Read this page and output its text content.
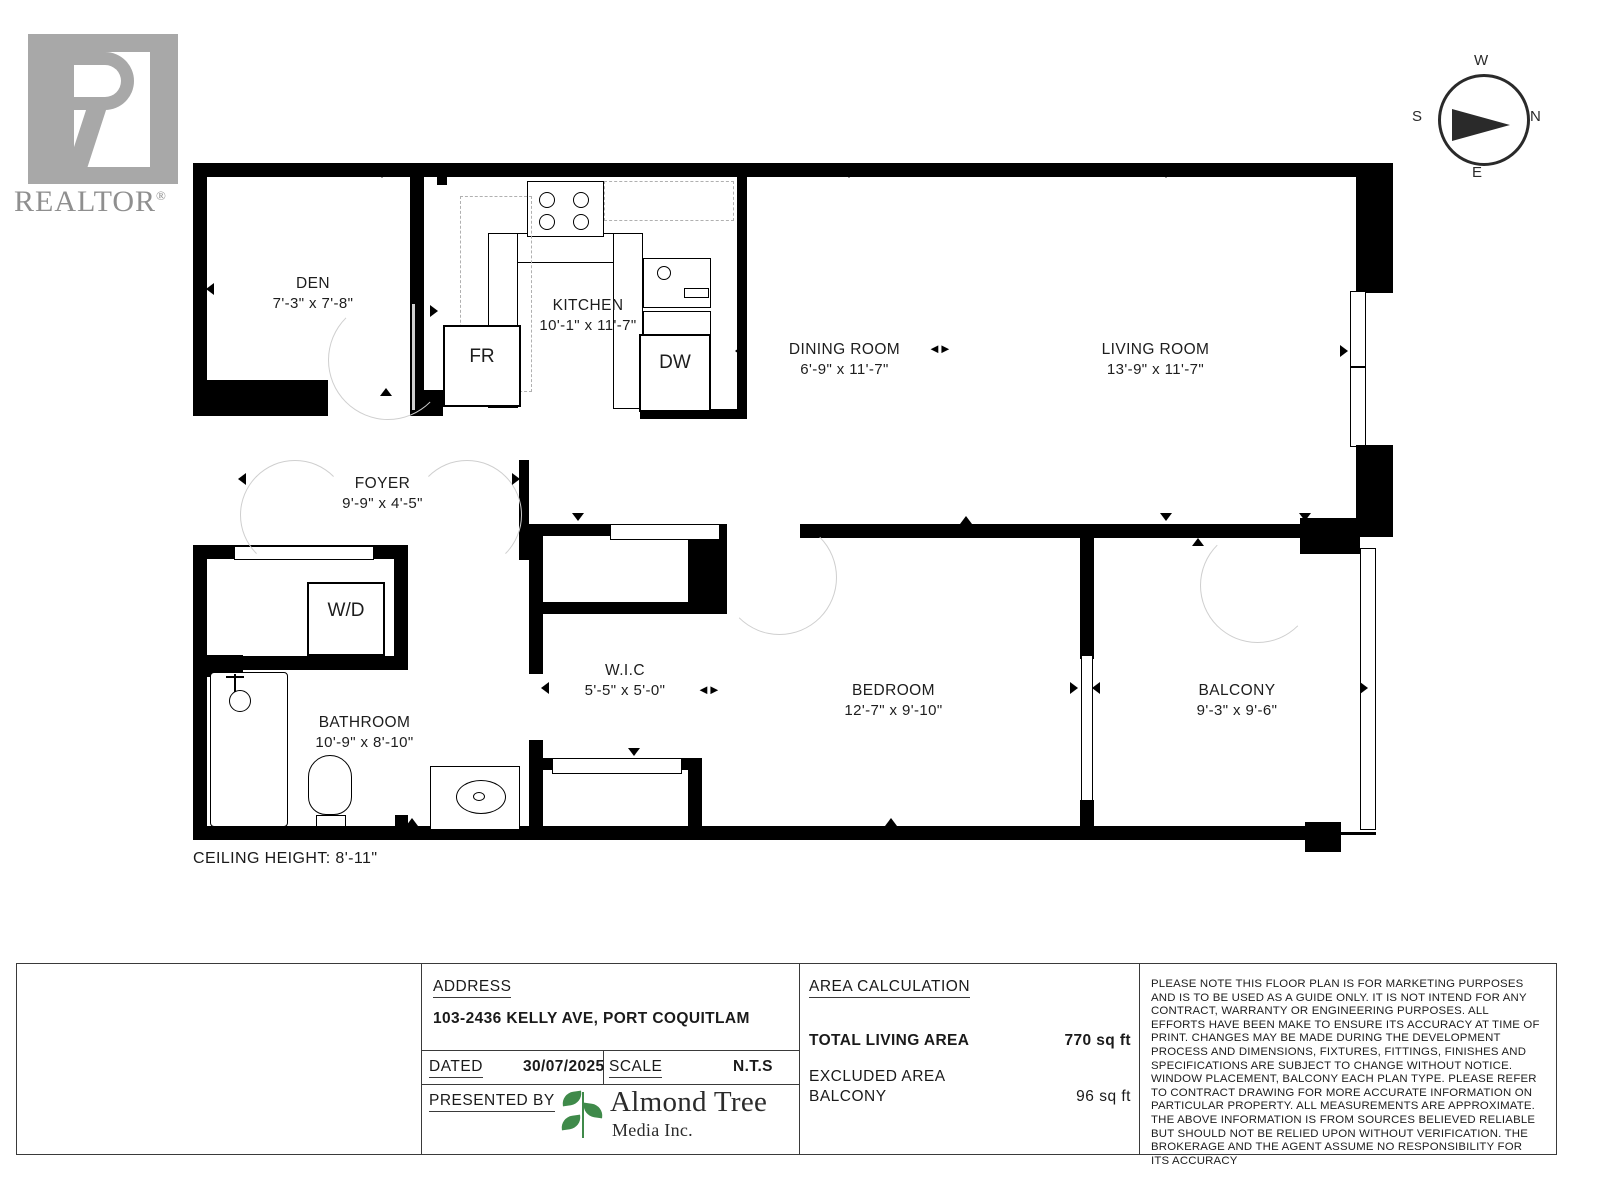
REALTOR®
W
N
E
S
FR	DW
W/D
◄►
◄►
DEN
7'-3" x 7'-8"	KITCHEN
10'-1" x 11'-7"
DINING ROOM
6'-9" x 11'-7"
LIVING ROOM
13'-9" x 11'-7"
FOYER
9'-9" x 4'-5"
W.I.C
5'-5" x 5'-0"	BEDROOM
12'-7" x 9'-10"
BALCONY
9'-3" x 9'-6"
BATHROOM
10'-9" x 8'-10"
CEILING HEIGHT: 8'-11"
ADDRESS
103-2436 KELLY AVE, PORT COQUITLAM
DATED	30/07/2025 SCALE	N.T.S
PRESENTED BY Almond Tree
Media Inc.
AREA CALCULATION
TOTAL LIVING AREA	770 sq ft
EXCLUDED AREA
BALCONY	96 sq ft
PLEASE NOTE THIS FLOOR PLAN IS FOR MARKETING PURPOSES AND IS TO BE USED AS A GUIDE ONLY. IT IS NOT INTEND FOR ANY CONTRACT, WARRANTY OR ENGINEERING PURPOSES. ALL EFFORTS HAVE BEEN MAKE TO ENSURE ITS ACCURACY AT TIME OF PRINT. CHANGES MAY BE MADE DURING THE DEVELOPMENT PROCESS AND DIMENSIONS, FIXTURES, FITTINGS, FINISHES AND SPECIFICATIONS ARE SUBJECT TO CHANGE WITHOUT NOTICE. WINDOW PLACEMENT, BALCONY EACH PLAN TYPE. PLEASE REFER TO CONTRACT DRAWING FOR MORE ACCURATE INFORMATION ON PARTICULAR PROPERTY. ALL MEASUREMENTS ARE APPROXIMATE. THE ABOVE INFORMATION IS FROM SOURCES BELIEVED RELIABLE BUT SHOULD NOT BE RELIED UPON WITHOUT VERIFICATION. THE BROKERAGE AND THE AGENT ASSUME NO RESPONSIBILITY FOR ITS ACCURACY
